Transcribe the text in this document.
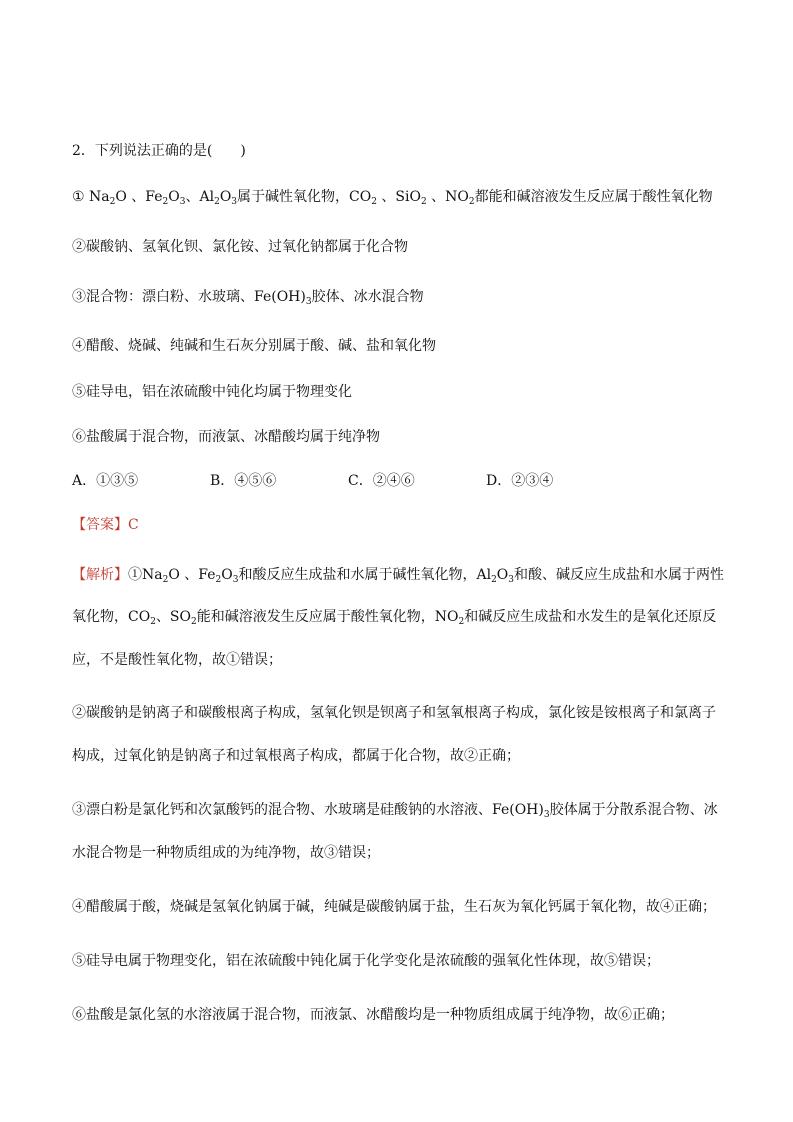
2．下列说法正确的是(　　)
① $Na_2O$ 、$Fe_2O_3$、$Al_2O_3$属于碱性氧化物，$CO_2$ 、SiO$_2$ 、$NO_2$都能和碱溶液发生反应属于酸性氧化物
②碳酸钠、氢氧化钡、氯化铵、过氧化钠都属于化合物
③混合物：漂白粉、水玻璃、$Fe(OH)_3$胶体、冰水混合物
④醋酸、烧碱、纯碱和生石灰分别属于酸、碱、盐和氧化物
⑤硅导电，铝在浓硫酸中钝化均属于物理变化
⑥盐酸属于混合物，而液氯、冰醋酸均属于纯净物
A．①③⑤	B．④⑤⑥	C．②④⑥	D．②③④
【答案】C
【解析】$①Na_2O$ 、$Fe_2O_3$和酸反应生成盐和水属于碱性氧化物，$Al_2O_3$和酸、碱反应生成盐和水属于两性
氧化物，$CO_2$、$SO_2$能和碱溶液发生反应属于酸性氧化物，$NO_2$和碱反应生成盐和水发生的是氧化还原反
应，不是酸性氧化物，故①错误；
②碳酸钠是钠离子和碳酸根离子构成，氢氧化钡是钡离子和氢氧根离子构成，氯化铵是铵根离子和氯离子
构成，过氧化钠是钠离子和过氧根离子构成，都属于化合物，故②正确；
③漂白粉是氯化钙和次氯酸钙的混合物、水玻璃是硅酸钠的水溶液、$Fe(OH)_3$胶体属于分散系混合物、冰
水混合物是一种物质组成的为纯净物，故③错误；
④醋酸属于酸，烧碱是氢氧化钠属于碱，纯碱是碳酸钠属于盐，生石灰为氧化钙属于氧化物，故④正确；
⑤硅导电属于物理变化，铝在浓硫酸中钝化属于化学变化是浓硫酸的强氧化性体现，故⑤错误；
⑥盐酸是氯化氢的水溶液属于混合物，而液氯、冰醋酸均是一种物质组成属于纯净物，故⑥正确；
